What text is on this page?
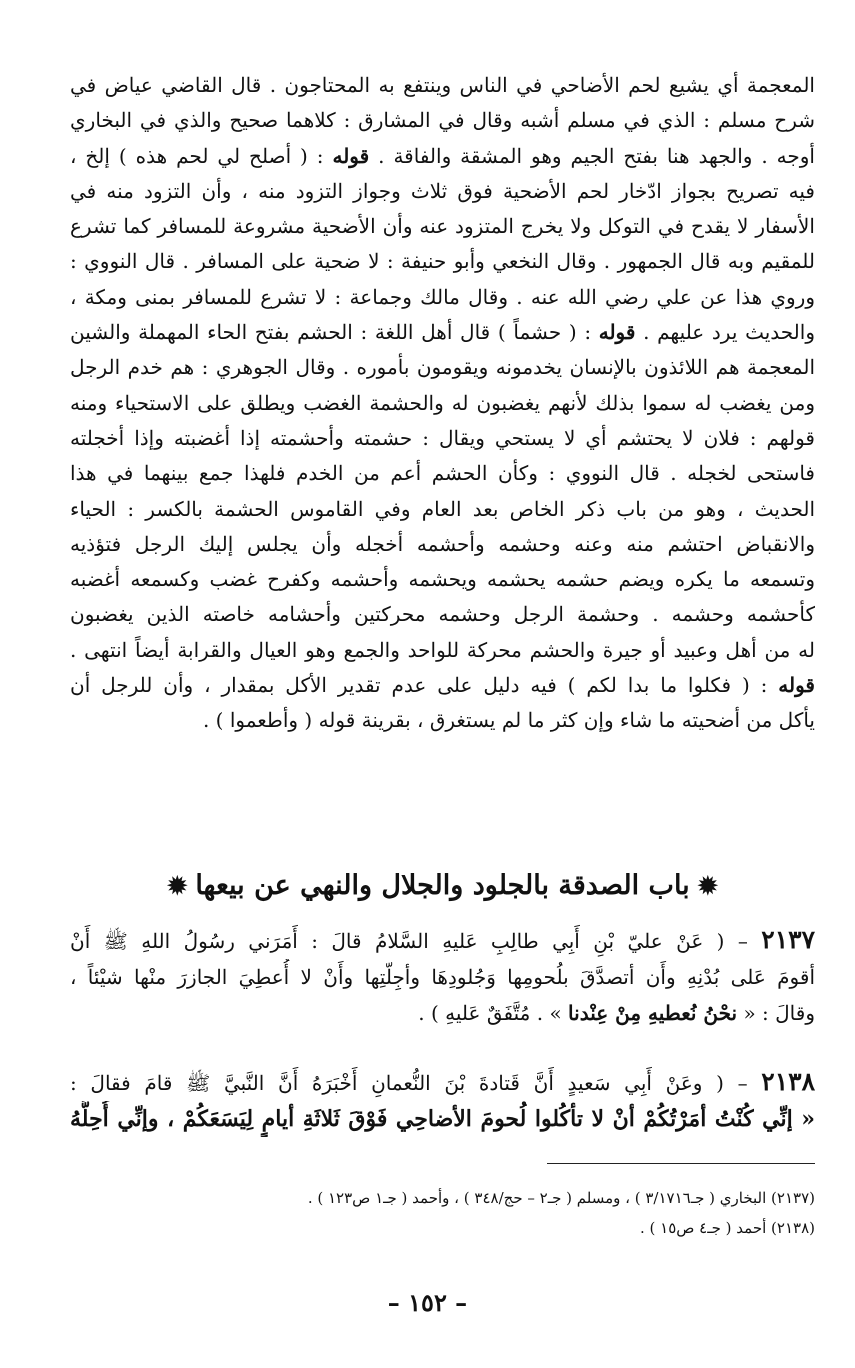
المعجمة أي يشيع لحم الأضاحي في الناس وينتفع به المحتاجون . قال القاضي عياض في
شرح مسلم : الذي في مسلم أشبه وقال في المشارق : كلاهما صحيح والذي في البخاري
أوجه . والجهد هنا بفتح الجيم وهو المشقة والفاقة . قوله : ( أصلح لي لحم هذه ) إلخ ،
فيه تصريح بجواز ادّخار لحم الأضحية فوق ثلاث وجواز التزود منه ، وأن التزود منه في
الأسفار لا يقدح في التوكل ولا يخرج المتزود عنه وأن الأضحية مشروعة للمسافر كما تشرع
للمقيم وبه قال الجمهور . وقال النخعي وأبو حنيفة : لا ضحية على المسافر . قال النووي :
وروي هذا عن علي رضي الله عنه . وقال مالك وجماعة : لا تشرع للمسافر بمنى ومكة ،
والحديث يرد عليهم . قوله : ( حشماً ) قال أهل اللغة : الحشم بفتح الحاء المهملة والشين
المعجمة هم اللائذون بالإنسان يخدمونه ويقومون بأموره . وقال الجوهري : هم خدم الرجل
ومن يغضب له سموا بذلك لأنهم يغضبون له والحشمة الغضب ويطلق على الاستحياء ومنه
قولهم : فلان لا يحتشم أي لا يستحي ويقال : حشمته وأحشمته إذا أغضبته وإذا أخجلته
فاستحى لخجله . قال النووي : وكأن الحشم أعم من الخدم فلهذا جمع بينهما في هذا
الحديث ، وهو من باب ذكر الخاص بعد العام وفي القاموس الحشمة بالكسر : الحياء
والانقباض احتشم منه وعنه وحشمه وأحشمه أخجله وأن يجلس إليك الرجل فتؤذيه
وتسمعه ما يكره ويضم حشمه يحشمه ويحشمه وأحشمه وكفرح غضب وكسمعه أغضبه
كأحشمه وحشمه . وحشمة الرجل وحشمه محركتين وأحشامه خاصته الذين يغضبون
له من أهل وعبيد أو جيرة والحشم محركة للواحد والجمع وهو العيال والقرابة أيضاً انتهى .
قوله : ( فكلوا ما بدا لكم ) فيه دليل على عدم تقدير الأكل بمقدار ، وأن للرجل أن
يأكل من أضحيته ما شاء وإن كثر ما لم يستغرق ، بقرينة قوله ( وأطعموا ) .
✹باب الصدقة بالجلود والجلال والنهي عن بيعها✹
٢١٣٧ – ( عَنْ عليّ بْنِ أَبِي طالِبِ عَليهِ السَّلامُ قالَ : أَمَرَني رسُولُ اللهِ ﷺ أَنْ
أقومَ عَلى بُدْنِهِ وأَن أتصدَّقَ بلُحومِها وَجُلودِهَا وأجِلّتِها وأَنْ لا أُعطِيَ الجازرَ منْها شيْئاً ،
وقالَ : « نحْنُ نُعطيهِ مِنْ عِنْدنا » . مُتَّفَقٌ عَليهِ ) .
٢١٣٨ – ( وعَنْ أَبِي سَعيدٍ أَنَّ قَتادةَ بْنَ النُّعمانِ أَخْبَرَهُ أَنَّ النَّبيَّ ﷺ قامَ فقالَ :
« إنِّي كُنْتُ أمَرْتُكُمْ أنْ لا تأكُلوا لُحومَ الأضاحِي فَوْقَ ثَلاثَةِ أيامٍ لِيَسَعَكُمْ ، وإنِّي أُحِلُّهُ
(٢١٣٧) البخاري ( جـ٣/١٧١٦ ) ، ومسلم ( جـ٢ – حج/٣٤٨ ) ، وأحمد ( جـ١ ص١٢٣ ) .
(٢١٣٨) أحمد ( جـ٤ ص١٥ ) .
– ١٥٢ –
